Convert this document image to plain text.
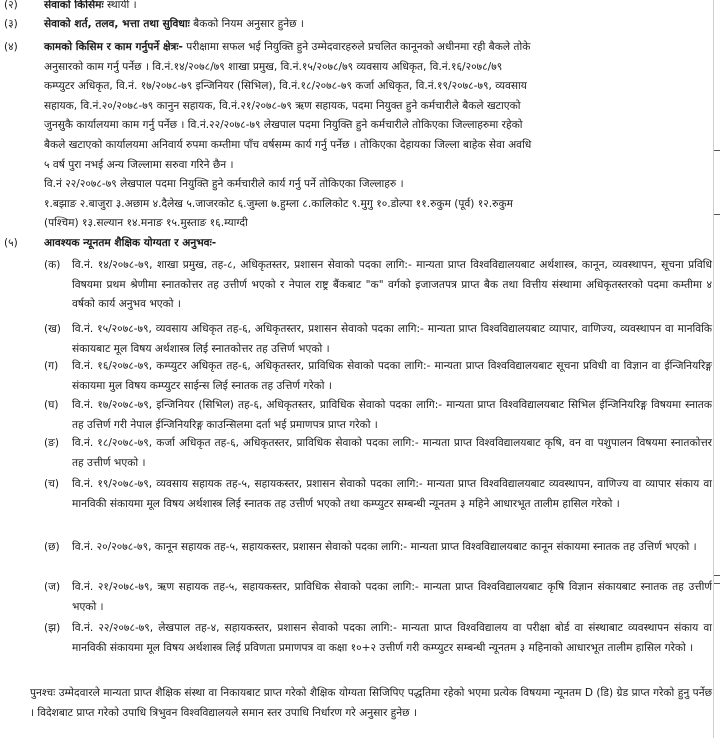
(२) सेवाको किसिमः स्थायी ।
(३) सेवाको शर्त, तलव, भत्ता तथा सुविधाः बैकको नियम अनुसार हुनेछ ।
(४) कामको किसिम र काम गर्नुपर्ने क्षेत्रः- परीक्षामा सफल भई नियुक्ति हुने उम्मेदवारहरुले प्रचलित कानूनको अधीनमा रही बैकले तोके
अनुसारको काम गर्नु पर्नेछ । वि.नं.१४/२०७८/७९ शाखा प्रमुख, वि.नं.१५/२०७८/७९ व्यवसाय अधिकृत, वि.नं.१६/२०७८/७९
कम्प्युटर अधिकृत, वि.नं. १७/२०७८-७९ इन्जिनियर (सिभिल), वि.नं.१८/२०७८-७९ कर्जा अधिकृत, वि.नं.१९/२०७८-७९, व्यवसाय
सहायक, वि.नं.२०/२०७८-७९ कानुन सहायक, वि.नं.२१/२०७८-७९ ऋण सहायक, पदमा नियुक्त हुने कर्मचारीले बैकले खटाएको
जुनसुकै कार्यालयमा काम गर्नु पर्नेछ । वि.नं.२२/२०७८-७९ लेखपाल पदमा नियुक्ति हुने कर्मचारीले तोकिएका जिल्लाहरुमा रहेको
बैकले खटाएको कार्यालयमा अनिवार्य रुपमा कम्तीमा पाँच वर्षसम्म कार्य गर्नु पर्नेछ । तोकिएका देहायका जिल्ला बाहेक सेवा अवधि
५ वर्ष पुरा नभई अन्य जिल्लामा सरुवा गरिने छैन ।
वि.नं २२/२०७८-७९ लेखपाल पदमा नियुक्ति हुने कर्मचारीले कार्य गर्नु पर्ने तोकिएका जिल्लाहरु ।
१.बझाङ २.बाजुरा ३.अछाम ४.दैलेख ५.जाजरकोट ६.जुम्ला ७.हुम्ला ८.कालिकोट ९.मुगु १०.डोल्पा ११.रुकुम (पूर्व) १२.रुकुम
(पश्चिम) १३.सल्यान १४.मनाङ १५.मुस्ताङ १६.म्याग्दी
(५) आवश्यक न्यूनतम शैक्षिक योग्यता र अनुभवः-
(क) वि.नं. १४/२०७८-७९, शाखा प्रमुख, तह-८, अधिकृतस्तर, प्रशासन सेवाको पदका लागि:- मान्यता प्राप्त विश्वविद्यालयबाट अर्थशास्त्र, कानून, व्यवस्थापन, सूचना प्रविधि विषयमा प्रथम श्रेणीमा स्नातकोत्तर तह उत्तीर्ण भएको र नेपाल राष्ट्र बैंकबाट "क" वर्गको इजाजतपत्र प्राप्त बैक तथा वित्तीय संस्थामा अधिकृतस्तरको पदमा कम्तीमा ४ वर्षको कार्य अनुभव भएको ।
(ख) वि.नं. १५/२०७८-७९, व्यवसाय अधिकृत तह-६, अधिकृतस्तर, प्रशासन सेवाको पदका लागि:- मान्यता प्राप्त विश्वविद्यालयबाट व्यापार, वाणिज्य, व्यवस्थापन वा मानविकि संकायबाट मूल विषय अर्थशास्त्र लिई स्नातकोत्तर तह उत्तिर्ण भएको ।
(ग) वि.नं. १६/२०७८-७९, कम्प्युटर अधिकृत तह-६, अधिकृतस्तर, प्राविधिक सेवाको पदका लागि:- मान्यता प्राप्त विश्वविद्यालयबाट सूचना प्रविधी वा विज्ञान वा ईन्जिनियरिङ्ग संकायमा मुल विषय कम्प्युटर साईन्स लिई स्नातक तह उत्तिर्ण गरेको ।
(घ) वि.नं. १७/२०७८-७९, इन्जिनियर (सिभिल) तह-६, अधिकृतस्तर, प्राविधिक सेवाको पदका लागि:- मान्यता प्राप्त विश्वविद्यालयबाट सिभिल ईन्जिनियरिङ्ग विषयमा स्नातक तह उत्तिर्ण गरी नेपाल ईन्जिनियरिङ्ग काउन्सिलमा दर्ता भई प्रमाणपत्र प्राप्त गरेको ।
(ङ) वि.नं. १८/२०७८-७९, कर्जा अधिकृत तह-६, अधिकृतस्तर, प्राविधिक सेवाको पदका लागि:- मान्यता प्राप्त विश्वविद्यालयबाट कृषि, वन वा पशुपालन विषयमा स्नातकोत्तर तह उत्तीर्ण भएको ।
(च) वि.नं. १९/२०७८-७९, व्यवसाय सहायक तह-५, सहायकस्तर, प्रशासन सेवाको पदका लागि:- मान्यता प्राप्त विश्वविद्यालयबाट व्यवस्थापन, वाणिज्य वा व्यापार संकाय वा मानविकी संकायमा मूल विषय अर्थशास्त्र लिई स्नातक तह उत्तीर्ण भएको तथा कम्प्युटर सम्बन्धी न्यूनतम ३ महिने आधारभूत तालीम हासिल गरेको ।
(छ) वि.नं. २०/२०७८-७९, कानून सहायक तह-५, सहायकस्तर, प्रशासन सेवाको पदका लागि:- मान्यता प्राप्त विश्वविद्यालयबाट कानून संकायमा स्नातक तह उत्तिर्ण भएको ।
(ज) वि.नं. २१/२०७८-७९, ऋण सहायक तह-५, सहायकस्तर, प्राविधिक सेवाको पदका लागि:- मान्यता प्राप्त विश्वविद्यालयबाट कृषि विज्ञान संकायबाट स्नातक तह उत्तीर्ण भएको ।
(झ) वि.नं. २२/२०७८-७९, लेखपाल तह-४, सहायकस्तर, प्रशासन सेवाको पदका लागि:- मान्यता प्राप्त विश्वविद्यालय वा परीक्षा बोर्ड वा संस्थाबाट व्यवस्थापन संकाय वा मानविकी संकायमा मूल विषय अर्थशास्त्र लिई प्रविणता प्रमाणपत्र वा कक्षा १०+२ उत्तीर्ण गरी कम्प्युटर सम्बन्धी न्यूनतम ३ महिनाको आधारभूत तालीम हासिल गरेको ।
पुनश्चः उम्मेदवारले मान्यता प्राप्त शैक्षिक संस्था वा निकायबाट प्राप्त गरेको शैक्षिक योग्यता सिजिपिए पद्धतिमा रहेको भएमा प्रत्येक विषयमा न्यूनतम D (डि) ग्रेड प्राप्त गरेको हुनु पर्नेछ । विदेशबाट प्राप्त गरेको उपाधि त्रिभुवन विश्वविद्यालयले समान स्तर उपाधि निर्धारण गरे अनुसार हुनेछ ।
